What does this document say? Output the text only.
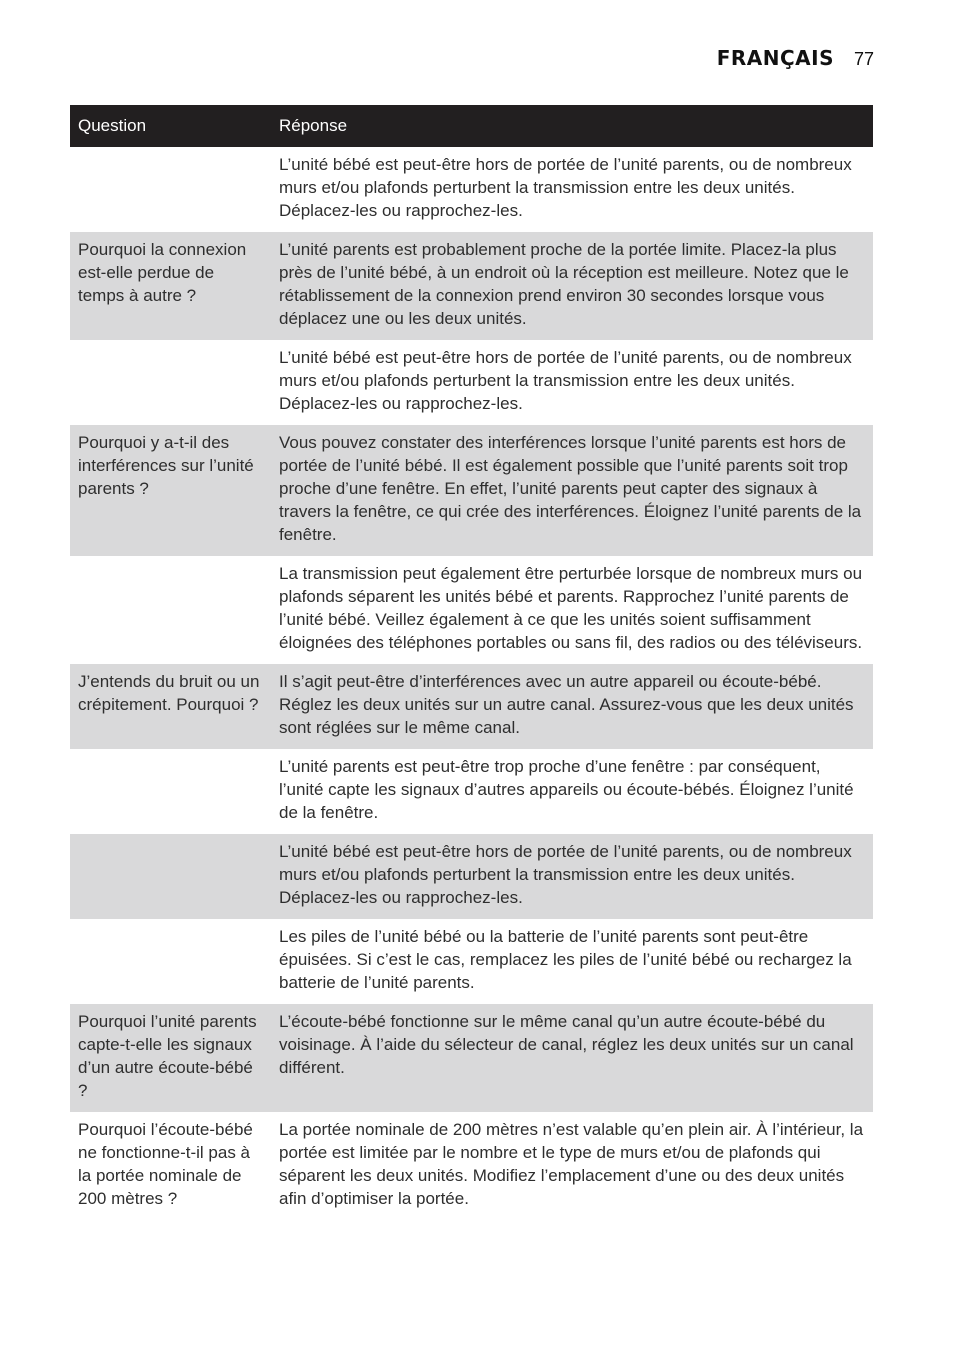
FRANÇAIS 77
Question	Réponse
	L’unité bébé est peut-être hors de portée de l’unité parents, ou de nombreux murs et/ou plafonds perturbent la transmission entre les deux unités. Déplacez-les ou rapprochez-les.
Pourquoi la connexion est-elle perdue de temps à autre ?	L’unité parents est probablement proche de la portée limite. Placez-la plus près de l’unité bébé, à un endroit où la réception est meilleure. Notez que le rétablissement de la connexion prend environ 30 secondes lorsque vous déplacez une ou les deux unités.
	L’unité bébé est peut-être hors de portée de l’unité parents, ou de nombreux murs et/ou plafonds perturbent la transmission entre les deux unités. Déplacez-les ou rapprochez-les.
Pourquoi y a-t-il des interférences sur l’unité parents ?	Vous pouvez constater des interférences lorsque l’unité parents est hors de portée de l’unité bébé. Il est également possible que l’unité parents soit trop proche d’une fenêtre. En effet, l’unité parents peut capter des signaux à travers la fenêtre, ce qui crée des interférences. Éloignez l’unité parents de la fenêtre.
	La transmission peut également être perturbée lorsque de nombreux murs ou plafonds séparent les unités bébé et parents. Rapprochez l’unité parents de l’unité bébé. Veillez également à ce que les unités soient suffisamment éloignées des téléphones portables ou sans fil, des radios ou des téléviseurs.
J’entends du bruit ou un crépitement. Pourquoi ?	Il s’agit peut-être d’interférences avec un autre appareil ou écoute-bébé. Réglez les deux unités sur un autre canal. Assurez-vous que les deux unités sont réglées sur le même canal.
	L’unité parents est peut-être trop proche d’une fenêtre : par conséquent, l’unité capte les signaux d’autres appareils ou écoute-bébés. Éloignez l’unité de la fenêtre.
	L’unité bébé est peut-être hors de portée de l’unité parents, ou de nombreux murs et/ou plafonds perturbent la transmission entre les deux unités. Déplacez-les ou rapprochez-les.
	Les piles de l’unité bébé ou la batterie de l’unité parents sont peut-être épuisées. Si c’est le cas, remplacez les piles de l’unité bébé ou rechargez la batterie de l’unité parents.
Pourquoi l’unité parents capte-t-elle les signaux d’un autre écoute-bébé ?	L’écoute-bébé fonctionne sur le même canal qu’un autre écoute-bébé du voisinage. À l’aide du sélecteur de canal, réglez les deux unités sur un canal différent.
Pourquoi l’écoute-bébé ne fonctionne-t-il pas à la portée nominale de 200 mètres ?	La portée nominale de 200 mètres n’est valable qu’en plein air. À l’intérieur, la portée est limitée par le nombre et le type de murs et/ou de plafonds qui séparent les deux unités. Modifiez l’emplacement d’une ou des deux unités afin d’optimiser la portée.
